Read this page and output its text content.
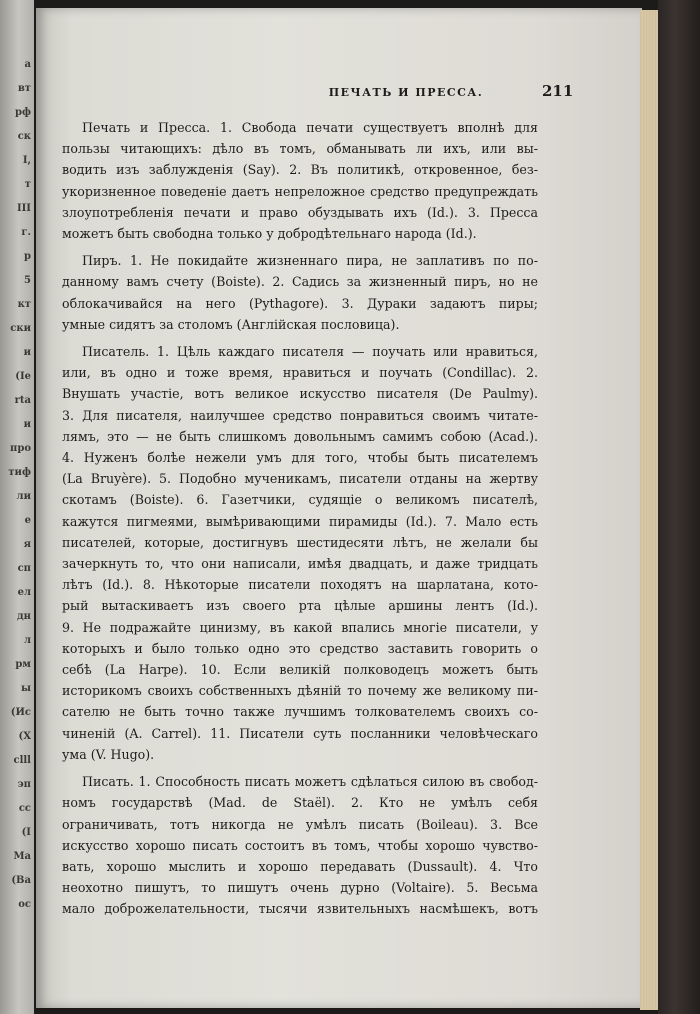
а
вт
рф
ск
I,
т
III
г.
р
5
кт
ски
и
(Iе
rtа
и
прo
тиф
ли
е
я
сп
ел
дн
л
рм
ы
(Ис
(Х
сlll
эп
cc
(I
Mа
(Ba
ос
ПЕЧАТЬ И ПРЕССА.	211
Печать и Пресса. 1. Свобода печати существуетъ вполнѣ для
пользы читающихъ: дѣло въ томъ, обманывать ли ихъ, или вы-
водить изъ заблужденія (Say). 2. Въ политикѣ, откровенное, без-
укоризненное поведеніе даетъ непреложное средство предупреждать
злоупотребленія печати и право обуздывать ихъ (Id.). 3. Пресса
можетъ быть свободна только у добродѣтельнаго народа (Id.).
Пиръ. 1. Не покидайте жизненнаго пира, не заплативъ по по-
данному вамъ счету (Boiste). 2. Садись за жизненный пиръ, но не
облокачивайся на него (Pythagore). 3. Дураки задаютъ пиры;
умные сидятъ за столомъ (Англійская пословица).
Писатель. 1. Цѣль каждаго писателя — поучать или нравиться,
или, въ одно и тоже время, нравиться и поучать (Condillac). 2.
Внушать участіе, вотъ великое искусство писателя (De Paulmy).
3. Для писателя, наилучшее средство понравиться своимъ читате-
лямъ, это — не быть слишкомъ довольнымъ самимъ собою (Acad.).
4. Нуженъ болѣе нежели умъ для того, чтобы быть писателемъ
(La Bruyère). 5. Подобно мученикамъ, писатели отданы на жертву
скотамъ (Boiste). 6. Газетчики, судящіе о великомъ писателѣ,
кажутся пигмеями, вымѣривающими пирамиды (Id.). 7. Мало есть
писателей, которые, достигнувъ шестидесяти лѣтъ, не желали бы
зачеркнуть то, что они написали, имѣя двадцать, и даже тридцать
лѣтъ (Id.). 8. Нѣкоторые писатели походятъ на шарлатана, кото-
рый вытаскиваетъ изъ своего рта цѣлые аршины лентъ (Id.).
9. Не подражайте цинизму, въ какой впались многіе писатели, у
которыхъ и было только одно это средство заставить говорить о
себѣ (La Harpe). 10. Если великій полководецъ можетъ быть
историкомъ своихъ собственныхъ дѣяній то почему же великому пи-
сателю не быть точно также лучшимъ толкователемъ своихъ со-
чиненій (A. Carrel). 11. Писатели суть посланники человѣческаго
ума (V. Hugo).
Писать. 1. Способность писать можетъ сдѣлаться силою въ свобод-
номъ государствѣ (Mad. de Staël). 2. Кто не умѣлъ себя
ограничивать, тотъ никогда не умѣлъ писать (Boileau). 3. Все
искусство хорошо писать состоитъ въ томъ, чтобы хорошо чувство-
вать, хорошо мыслить и хорошо передавать (Dussault). 4. Что
неохотно пишутъ, то пишутъ очень дурно (Voltaire). 5. Весьма
мало доброжелательности, тысячи язвительныхъ насмѣшекъ, вотъ
